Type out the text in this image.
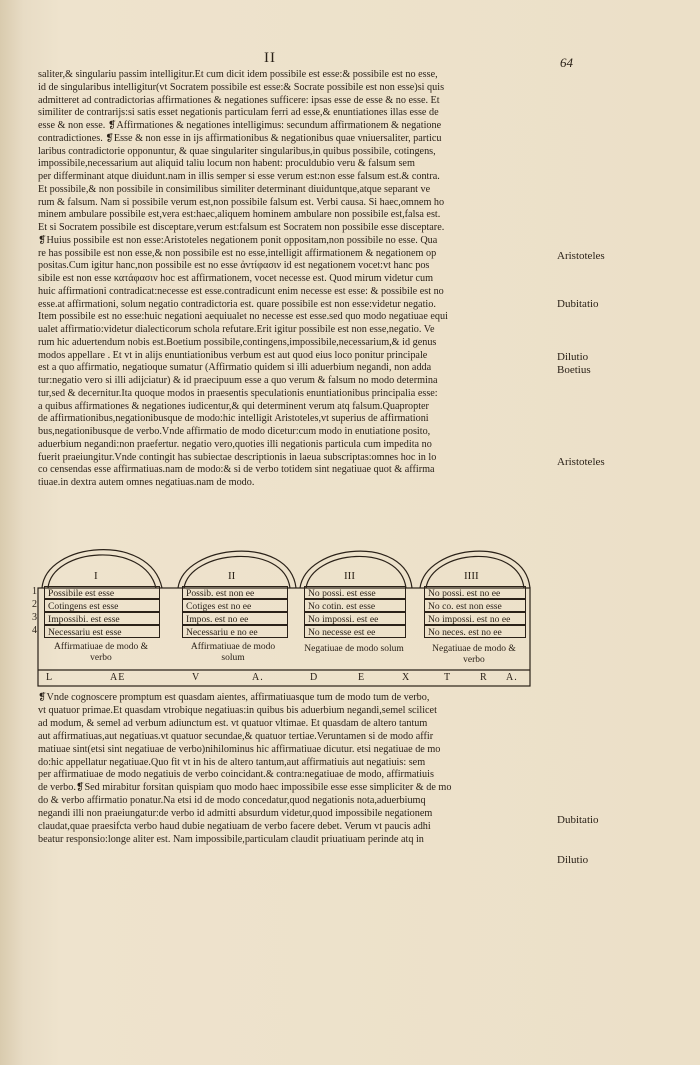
II	64
saliter,& singulariu passim intelligitur.Et cum dicit idem possibile est esse:& possibile est no esse,
id de singularibus intelligitur(vt Socratem possibile est esse:& Socrate possibile est non esse)si quis
admitteret ad contradictorias affirmationes & negationes sufficere: ipsas esse de esse & no esse. Et
similiter de contrarijs:si satis esset negationis particulam ferri ad esse,& enuntiationes illas esse de
esse & non esse. ❡Affirmationes & negationes intelligimus: secundum affirmationem & negatione
contradictiones. ❡Esse & non esse in ijs affirmationibus & negationibus quae vniuersaliter, particu
laribus contradictorie opponuntur, & quae singulariter singularibus,in quibus possibile, cotingens,
impossibile,necessarium aut aliquid taliu locum non habent: proculdubio veru & falsum sem
per differminant atque diuidunt.nam in illis semper si esse verum est:non esse falsum est.& contra.
Et possibile,& non possibile in consimilibus similiter determinant diuiduntque,atque separant ve
rum & falsum. Nam si possibile verum est,non possibile falsum est. Verbi causa. Si haec,omnem ho
minem ambulare possibile est,vera est:haec,aliquem hominem ambulare non possibile est,falsa est.
Et si Socratem possibile est disceptare,verum est:falsum est Socratem non possibile esse disceptare.
❡Huius possibile est non esse:Aristoteles negationem ponit oppositam,non possibile no esse. Qua
re has possibile est non esse,& non possibile est no esse,intelligit affirmationem & negationem op
positas.Cum igitur hanc,non possibile est no esse ἀντίφασιν id est negationem vocet:vt hanc pos
sibile est non esse κατάφασιν hoc est affirmationem, vocet necesse est. Quod mirum videtur cum
huic affirmationi contradicat:necesse est esse.contradicunt enim necesse est esse: & possibile est no
esse.at affirmationi, solum negatio contradictoria est. quare possibile est non esse:videtur negatio.
Item possibile est no esse:huic negationi aequiualet no necesse est esse.sed quo modo negatiuae equi
ualet affirmatio:videtur dialecticorum schola refutare.Erit igitur possibile est non esse,negatio. Ve
rum hic aduertendum nobis est.Boetium possibile,contingens,impossibile,necessarium,& id genus
modos appellare . Et vt in alijs enuntiationibus verbum est aut quod eius loco ponitur principale
est a quo affirmatio, negatioque sumatur (Affirmatio quidem si illi aduerbium negandi, non adda
tur:negatio vero si illi adijciatur) & id praecipuum esse a quo verum & falsum no modo determina
tur,sed & decernitur.Ita quoque modos in praesentis speculationis enuntiationibus principalia esse:
a quibus affirmationes & negationes iudicentur,& qui determinent verum atq falsum.Quapropter
de affirmationibus,negationibusque de modo:hic intelligit Aristoteles,vt superius de affirmationi
bus,negationibusque de verbo.Vnde affirmatio de modo dicetur:cum modo in enutiatione posito,
aduerbium negandi:non praefertur. negatio vero,quoties illi negationis particula cum impedita no
fuerit praeiungitur.Vnde contingit has subiectae descriptionis in laeua subscriptas:omnes hoc in lo
co censendas esse affirmatiuas.nam de modo:& si de verbo totidem sint negatiuae quot & affirma
tiuae.in dextra autem omnes negatiuas.nam de modo.
Aristoteles
Dubitatio
Dilutio
Boetius
Aristoteles
Dubitatio
Dilutio
I	II	III	IIII
1
2
3
4
Possibile est esse	Possib. est non ee	No possi. est esse	No possi. est no ee
Cotingens est esse	Cotiges est no ee	No cotin. est esse	No co. est non esse
Impossibi. est esse	Impos. est no ee	No impossi. est ee	No impossi. est no ee
Necessariu est esse	Necessariu e no ee	No necesse est ee	No neces. est no ee
Affirmatiuae de modo & verbo
Affirmatiuae de modo solum
Negatiuae de modo solum	Negatiuae de modo & verbo
L	AE	V	A.	D	E	X	T	R A.
❡Vnde cognoscere promptum est quasdam aientes, affirmatiuasque tum de modo tum de verbo,
vt quatuor primae.Et quasdam vtrobique negatiuas:in quibus bis aduerbium negandi,semel scilicet
ad modum, & semel ad verbum adiunctum est. vt quatuor vltimae. Et quasdam de altero tantum
aut affirmatiuas,aut negatiuas.vt quatuor secundae,& quatuor tertiae.Veruntamen si de modo affir
matiuae sint(etsi sint negatiuae de verbo)nihilominus hic affirmatiuae dicutur. etsi negatiuae de mo
do:hic appellatur negatiuae.Quo fit vt in his de altero tantum,aut affirmatiuis aut negatiuis: sem
per affirmatiuae de modo negatiuis de verbo coincidant.& contra:negatiuae de modo, affirmatiuis
de verbo.❡Sed mirabitur forsitan quispiam quo modo haec impossibile esse esse simpliciter & de mo
do & verbo affirmatio ponatur.Na etsi id de modo concedatur,quod negationis nota,aduerbiumq
negandi illi non praeiungatur:de verbo id admitti absurdum videtur,quod impossibile negationem
claudat,quae praesifcta verbo haud dubie negatiuam de verbo facere debet. Verum vt paucis adhi
beatur responsio:longe aliter est. Nam impossibile,particulam claudit priuatiuam perinde atq in
